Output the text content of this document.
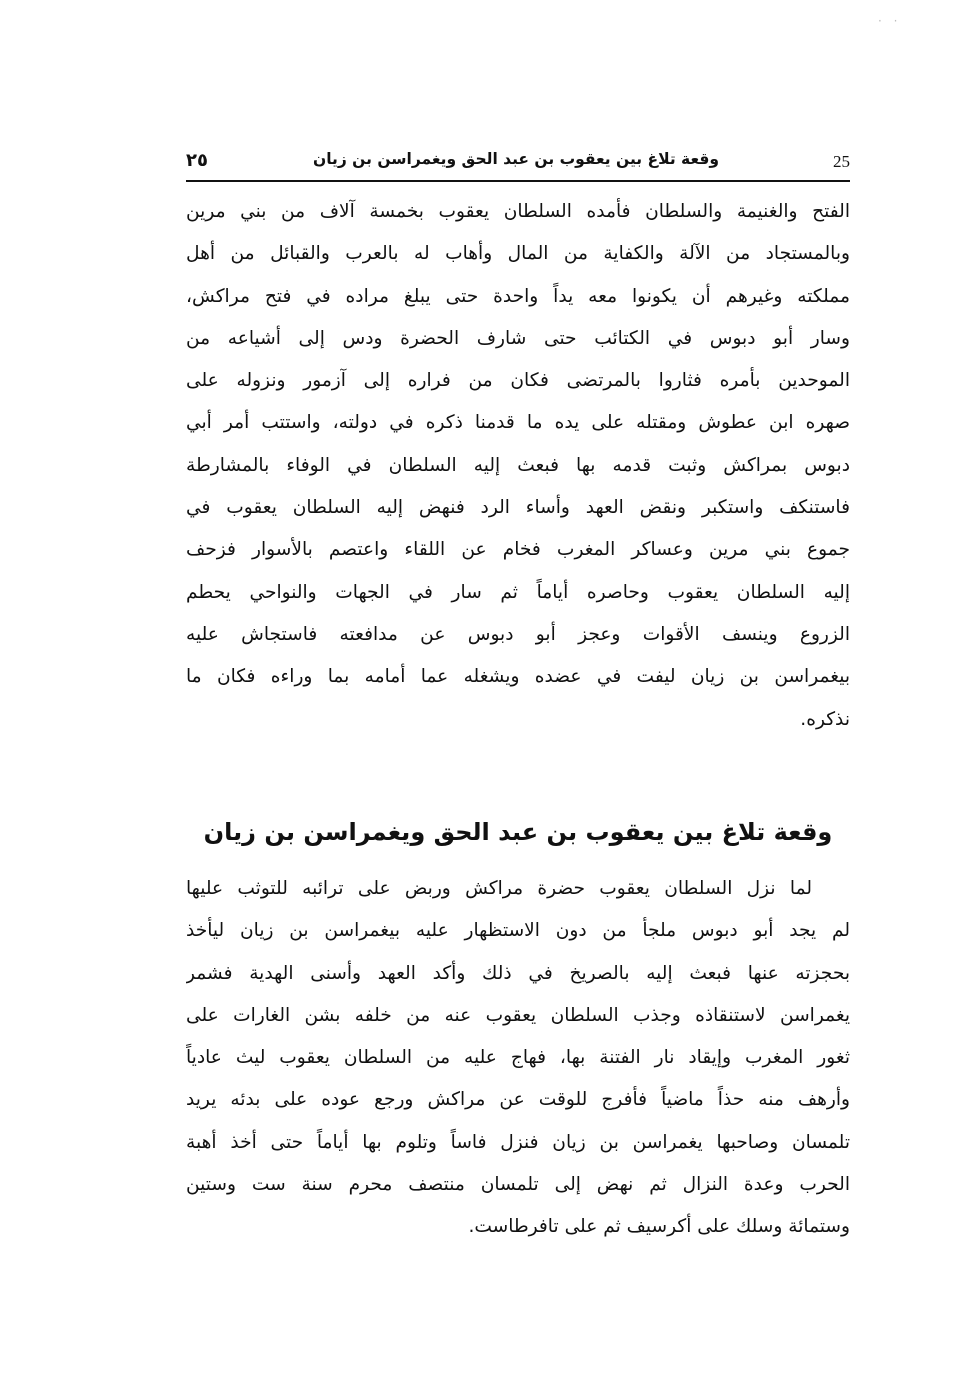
· ·
25
وقعة تلاغ بين يعقوب بن عبد الحق ويغمراسن بن زيان
٢٥
الفتح والغنيمة والسلطان فأمده السلطان يعقوب بخمسة آلاف من بني مرين
وبالمستجاد من الآلة والكفاية من المال وأهاب له بالعرب والقبائل من أهل
مملكته وغيرهم أن يكونوا معه يداً واحدة حتى يبلغ مراده في فتح مراكش،
وسار أبو دبوس في الكتائب حتى شارف الحضرة ودس إلى أشياعه من
الموحدين بأمره فثاروا بالمرتضى فكان من فراره إلى آزمور ونزوله على
صهره ابن عطوش ومقتله على يده ما قدمنا ذكره في دولته، واستتب أمر أبي
دبوس بمراكش وثبت قدمه بها فبعث إليه السلطان في الوفاء بالمشارطة
فاستنكف واستكبر ونقض العهد وأساء الرد فنهض إليه السلطان يعقوب في
جموع بني مرين وعساكر المغرب فخام عن اللقاء واعتصم بالأسوار فزحف
إليه السلطان يعقوب وحاصره أياماً ثم سار في الجهات والنواحي يحطم
الزروع وينسف الأقوات وعجز أبو دبوس عن مدافعته فاستجاش عليه
بيغمراسن بن زيان ليفت في عضده ويشغله عما أمامه بما وراءه فكان ما
نذكره.
وقعة تلاغ بين يعقوب بن عبد الحق ويغمراسن بن زيان
لما نزل السلطان يعقوب حضرة مراكش وربض على ترائبه للتوثب عليها
لم يجد أبو دبوس ملجأ من دون الاستظهار عليه بيغمراسن بن زيان ليأخذ
بحجزته عنها فبعث إليه بالصريخ في ذلك وأكد العهد وأسنى الهدية فشمر
يغمراسن لاستنقاذه وجذب السلطان يعقوب عنه من خلفه بشن الغارات على
ثغور المغرب وإيقاد نار الفتنة بها، فهاج عليه من السلطان يعقوب ليث عادياً
وأرهف منه حذاً ماضياً فأفرج للوقت عن مراكش ورجع عوده على بدئه يريد
تلمسان وصاحبها يغمراسن بن زيان فنزل فاساً وتلوم بها أياماً حتى أخذ أهبة
الحرب وعدة النزال ثم نهض إلى تلمسان منتصف محرم سنة ست وستين
وستمائة وسلك على أكرسيف ثم على تافرطاست.
